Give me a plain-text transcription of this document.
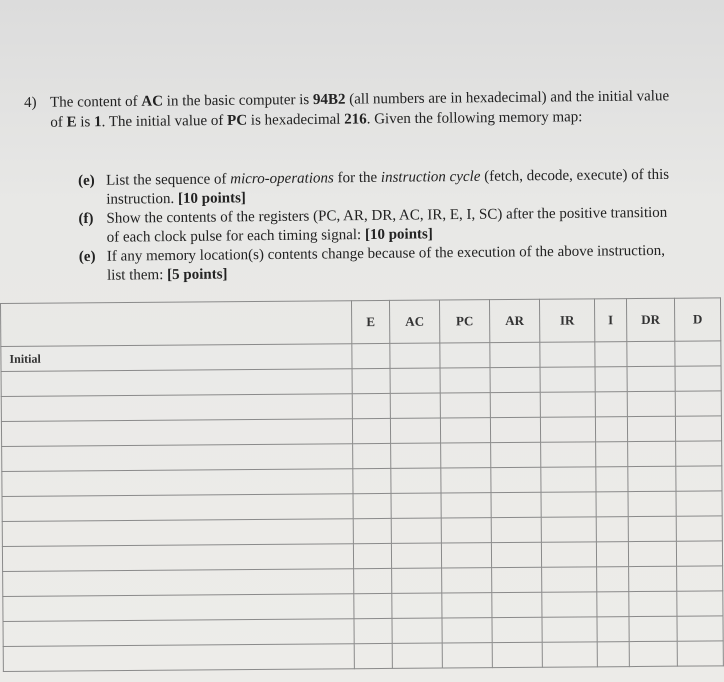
4) The content of AC in the basic computer is 94B2 (all numbers are in hexadecimal) and the initial value of E is 1. The initial value of PC is hexadecimal 216. Given the following memory map:
(e) List the sequence of micro-operations for the instruction cycle (fetch, decode, execute) of this instruction. [10 points]
(f) Show the contents of the registers (PC, AR, DR, AC, IR, E, I, SC) after the positive transition of each clock pulse for each timing signal: [10 points]
(e) If any memory location(s) contents change because of the execution of the above instruction, list them: [5 points]
	E	AC	PC	AR	IR	I	DR	D
Initial								
